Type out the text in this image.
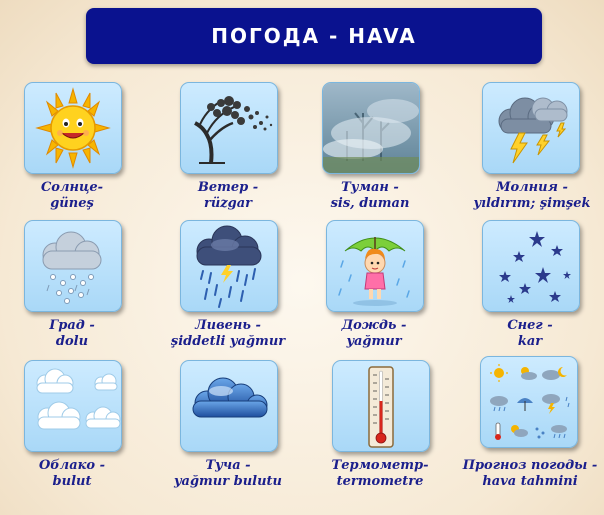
ПОГОДА - HAVA
Солнце-
güneş
Ветер -
rüzgar
Туман -
sis, duman
Молния -
yıldırım; şimşek
Град -
dolu
Ливень -
şiddetli yağmur
Дождь -
yağmur
Снег -
kar
Облако -
bulut
Туча -
yağmur bulutu
Термометр-
termometre
Прогноз погоды -
hava tahmini
